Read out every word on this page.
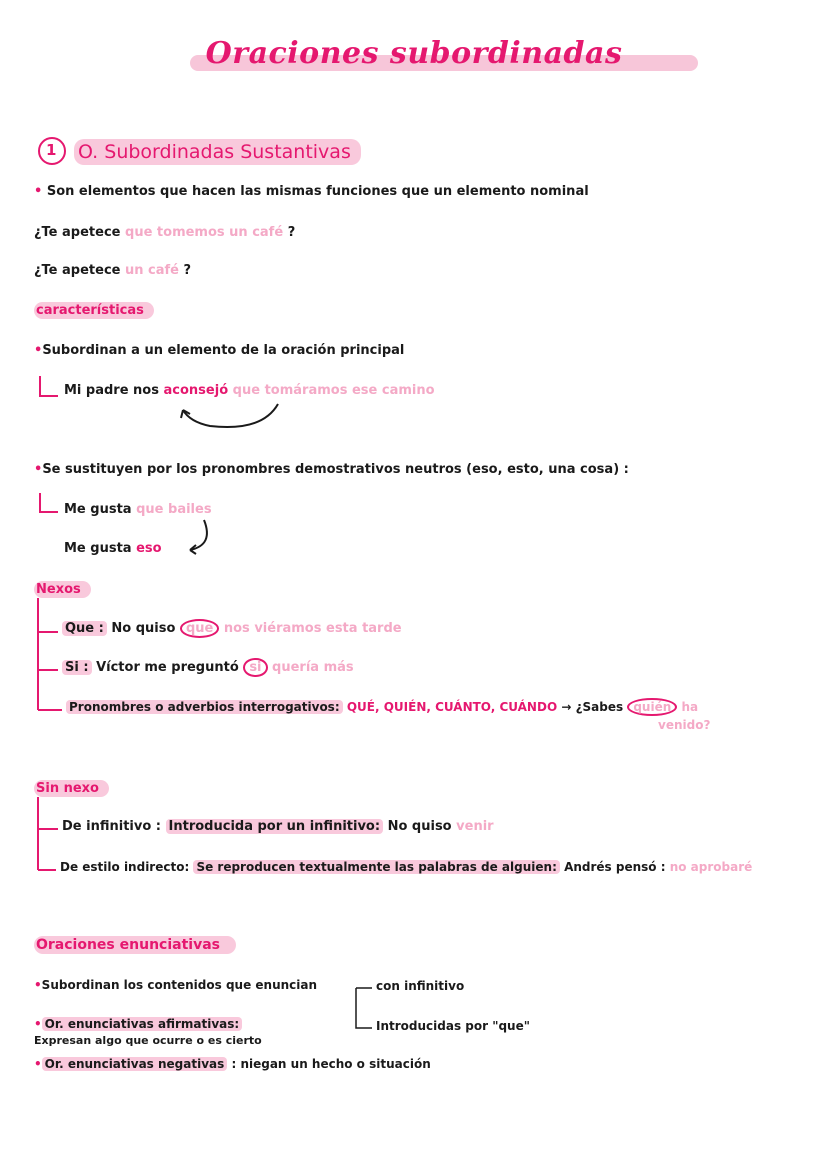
Oraciones subordinadas
1 O. Subordinadas Sustantivas
• Son elementos que hacen las mismas funciones que un elemento nominal
¿Te apetece que tomemos un café ?
¿Te apetece un café ?
características
•Subordinan a un elemento de la oración principal
Mi padre nos aconsejó que tomáramos ese camino
•Se sustituyen por los pronombres demostrativos neutros (eso, esto, una cosa) :
Me gusta que bailes
Me gusta eso
Nexos
Que : No quiso que nos viéramos esta tarde
Si : Víctor me preguntó si quería más
Pronombres o adverbios interrogativos: QUÉ, QUIÉN, CUÁNTO, CUÁNDO → ¿Sabes quién ha
venido?
Sin nexo
De infinitivo : Introducida por un infinitivo: No quiso venir
De estilo indirecto: Se reproducen textualmente las palabras de alguien: Andrés pensó : no aprobaré
Oraciones enunciativas
•Subordinan los contenidos que enuncian	con infinitivo
Introducidas por "que"
• Or. enunciativas afirmativas:
Expresan algo que ocurre o es cierto
• Or. enunciativas negativas : niegan un hecho o situación
